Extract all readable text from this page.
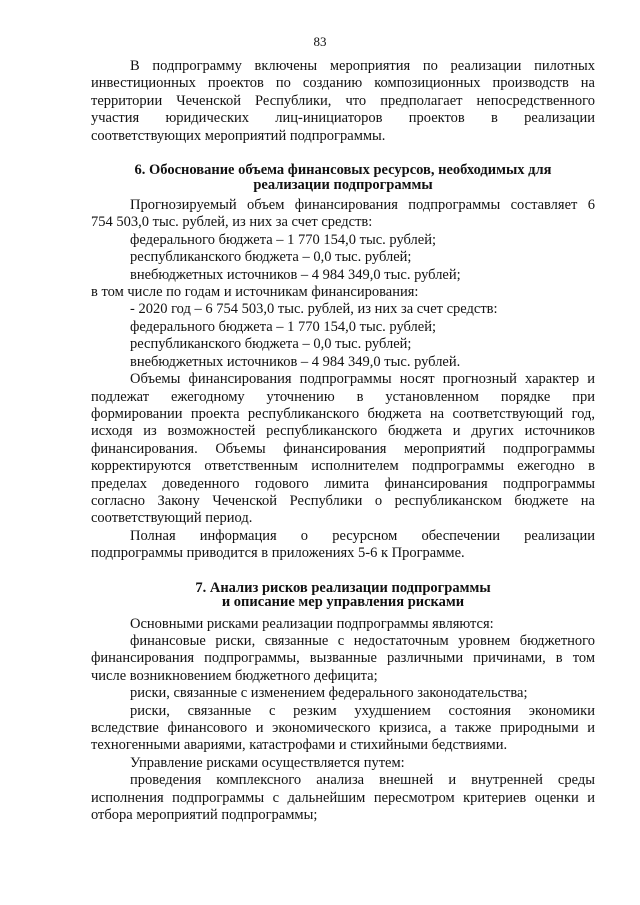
83

В подпрограмму включены мероприятия по реализации пилотных

инвестиционных проектов по созданию композиционных производств на

территории Чеченской Республики, что предполагает непосредственного

участия юридических лиц-инициаторов проектов в реализации

соответствующих мероприятий подпрограммы.

6. Обоснование объема финансовых ресурсов, необходимых для
реализации подпрограммы

Прогнозируемый объем финансирования подпрограммы составляет 6

754 503,0 тыс. рублей, из них за счет средств:

федерального бюджета – 1 770 154,0 тыс. рублей;

республиканского бюджета – 0,0 тыс. рублей;

внебюджетных источников – 4 984 349,0 тыс. рублей;

в том числе по годам и источникам финансирования:

- 2020 год – 6 754 503,0 тыс. рублей, из них за счет средств:

федерального бюджета – 1 770 154,0 тыс. рублей;

республиканского бюджета – 0,0 тыс. рублей;

внебюджетных источников – 4 984 349,0 тыс. рублей.

Объемы финансирования подпрограммы носят прогнозный характер и

подлежат ежегодному уточнению в установленном порядке при

формировании проекта республиканского бюджета на соответствующий год,

исходя из возможностей республиканского бюджета и других источников

финансирования. Объемы финансирования мероприятий подпрограммы

корректируются ответственным исполнителем подпрограммы ежегодно в

пределах доведенного годового лимита финансирования подпрограммы

согласно Закону Чеченской Республики о республиканском бюджете на

соответствующий период.

Полная информация о ресурсном обеспечении реализации

подпрограммы приводится в приложениях 5-6 к Программе.

7. Анализ рисков реализации подпрограммы
и описание мер управления рисками

Основными рисками реализации подпрограммы являются:

финансовые риски, связанные с недостаточным уровнем бюджетного

финансирования подпрограммы, вызванные различными причинами, в том

числе возникновением бюджетного дефицита;

риски, связанные с изменением федерального законодательства;

риски, связанные с резким ухудшением состояния экономики

вследствие финансового и экономического кризиса, а также природными и

техногенными авариями, катастрофами и стихийными бедствиями.

Управление рисками осуществляется путем:

проведения комплексного анализа внешней и внутренней среды

исполнения подпрограммы с дальнейшим пересмотром критериев оценки и

отбора мероприятий подпрограммы;
